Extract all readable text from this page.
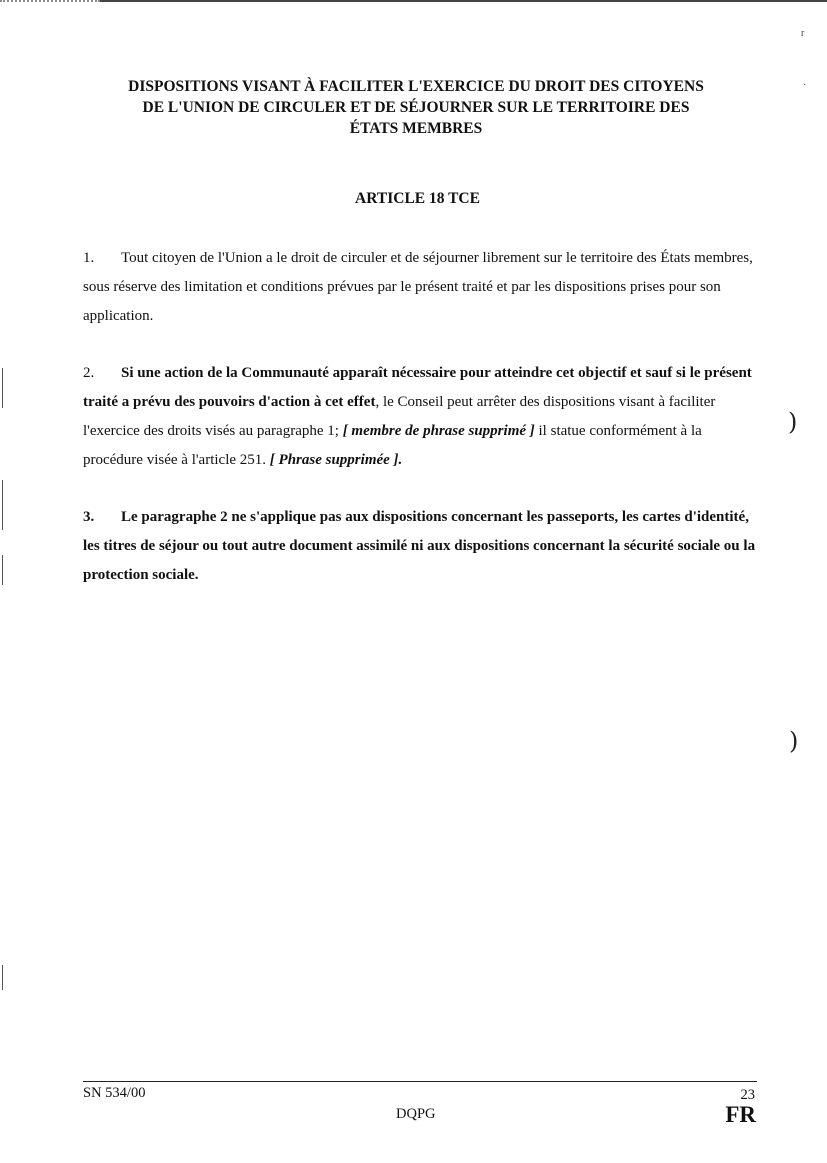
)
)
r
·
DISPOSITIONS VISANT À FACILITER L'EXERCICE DU DROIT DES CITOYENS
DE L'UNION DE CIRCULER ET DE SÉJOURNER SUR LE TERRITOIRE DES
ÉTATS MEMBRES
ARTICLE 18 TCE

1. Tout citoyen de l'Union a le droit de circuler et de séjourner librement sur le territoire des États membres, sous réserve des limitation et conditions prévues par le présent traité et par les dispositions prises pour son application.

2. Si une action de la Communauté apparaît nécessaire pour atteindre cet objectif et sauf si le présent traité a prévu des pouvoirs d'action à cet effet, le Conseil peut arrêter des dispositions visant à faciliter l'exercice des droits visés au paragraphe 1; [ membre de phrase supprimé ] il statue conformément à la procédure visée à l'article 251. [ Phrase supprimée ].

3. Le paragraphe 2 ne s'applique pas aux dispositions concernant les passeports, les cartes d'identité, les titres de séjour ou tout autre document assimilé ni aux dispositions concernant la sécurité sociale ou la protection sociale.

SN 534/00
DQPG
23
FR
